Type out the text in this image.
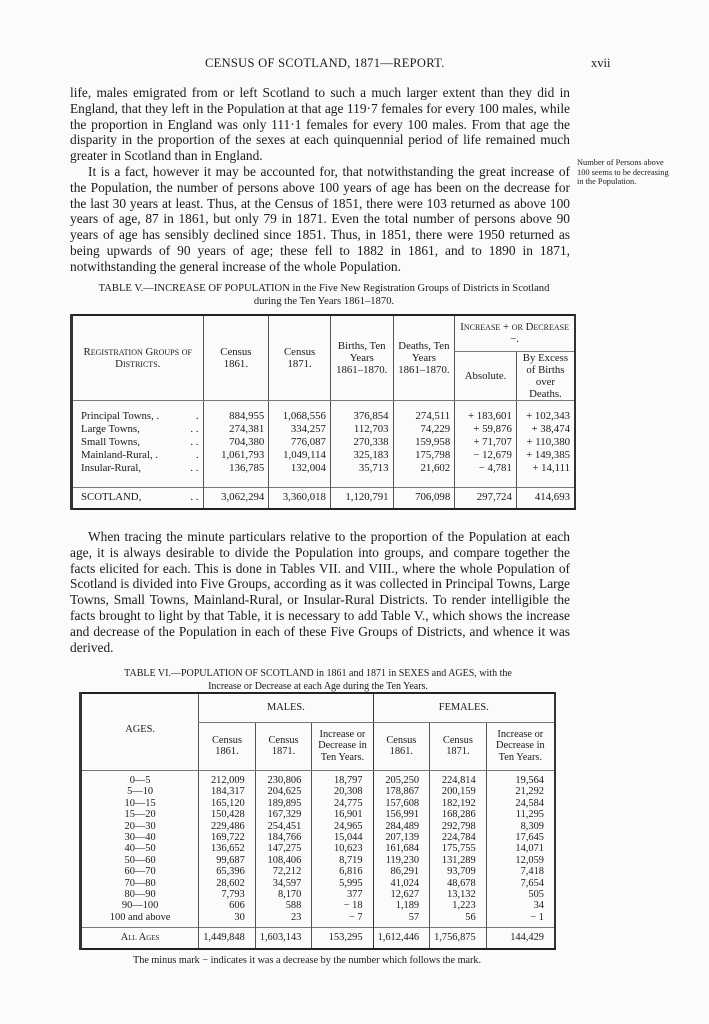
CENSUS OF SCOTLAND, 1871—REPORT.	xvii

life, males emigrated from or left Scotland to such a much larger extent than they did in England, that they left in the Population at that age 119·7 females for every 100 males, while the proportion in England was only 111·1 females for every 100 males. From that age the disparity in the proportion of the sexes at each quinquennial period of life remained much greater in Scotland than in England.

It is a fact, however it may be accounted for, that notwithstanding the great increase of the Population, the number of persons above 100 years of age has been on the decrease for the last 30 years at least. Thus, at the Census of 1851, there were 103 returned as above 100 years of age, 87 in 1861, but only 79 in 1871. Even the total number of persons above 90 years of age has sensibly declined since 1851. Thus, in 1851, there were 1950 returned as being upwards of 90 years of age; these fell to 1882 in 1861, and to 1890 in 1871, notwithstanding the general increase of the whole Population.

Number of Persons above 100 seems to be decreasing in the Population.
TABLE V.—INCREASE OF POPULATION in the Five New Registration Groups of Districts in Scotland
during the Ten Years 1861–1870.
Registration Groups of Districts.	Census 1861.	Census 1871.	Births, Ten Years 1861–1870.	Deaths, Ten Years 1861–1870.	Increase + or Decrease −.	
					Absolute.	By Excess of Births over Deaths.

Principal Towns, . .	884,955	1,068,556	376,854	274,511	+ 183,601	+ 102,343
Large Towns, . .	274,381	334,257	112,703	74,229	+ 59,876	+ 38,474
Small Towns, . .	704,380	776,087	270,338	159,958	+ 71,707	+ 110,380
Mainland-Rural, . .	1,061,793	1,049,114	325,183	175,798	− 12,679	+ 149,385
Insular-Rural, . .	136,785	132,004	35,713	21,602	− 4,781	+ 14,111

SCOTLAND, . .	3,062,294	3,360,018	1,120,791	706,098	297,724	414,693

When tracing the minute particulars relative to the proportion of the Population at each age, it is always desirable to divide the Population into groups, and compare together the facts elicited for each. This is done in Tables VII. and VIII., where the whole Population of Scotland is divided into Five Groups, according as it was collected in Principal Towns, Large Towns, Small Towns, Mainland-Rural, or Insular-Rural Districts. To render intelligible the facts brought to light by that Table, it is necessary to add Table V., which shows the increase and decrease of the Population in each of these Five Groups of Districts, and whence it was derived.

TABLE VI.—POPULATION OF SCOTLAND in 1861 and 1871 in SEXES and AGES, with the
Increase or Decrease at each Age during the Ten Years.
AGES.	MALES.			FEMALES.		
	Census 1861.	Census 1871.	Increase or Decrease in Ten Years.	Census 1861.	Census 1871.	Increase or Decrease in Ten Years.

0—5	212,009	230,806	18,797	205,250	224,814	19,564
5—10	184,317	204,625	20,308	178,867	200,159	21,292
10—15	165,120	189,895	24,775	157,608	182,192	24,584
15—20	150,428	167,329	16,901	156,991	168,286	11,295
20—30	229,486	254,451	24,965	284,489	292,798	8,309
30—40	169,722	184,766	15,044	207,139	224,784	17,645
40—50	136,652	147,275	10,623	161,684	175,755	14,071
50—60	99,687	108,406	8,719	119,230	131,289	12,059
60—70	65,396	72,212	6,816	86,291	93,709	7,418
70—80	28,602	34,597	5,995	41,024	48,678	7,654
80—90	7,793	8,170	377	12,627	13,132	505
90—100	606	588	− 18	1,189	1,223	34
100 and above	30	23	− 7	57	56	− 1

All Ages	1,449,848	1,603,143	153,295	1,612,446	1,756,875	144,429
The minus mark − indicates it was a decrease by the number which follows the mark.
